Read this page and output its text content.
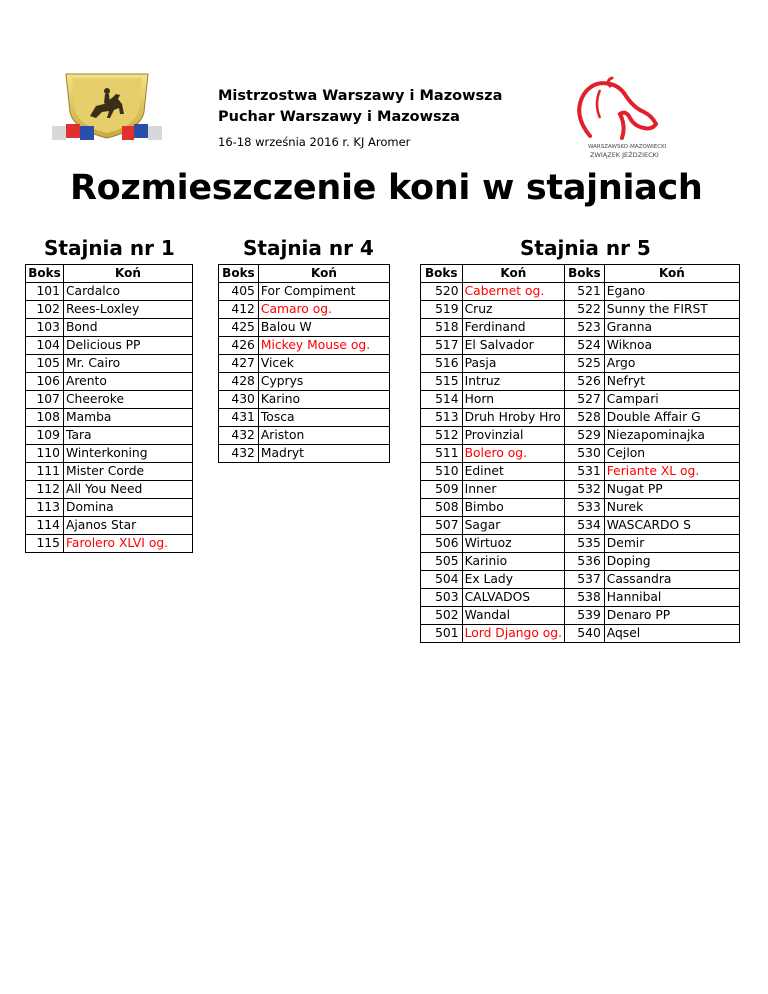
Mistrzostwa Warszawy i Mazowsza
Puchar Warszawy i Mazowsza
16-18 września 2016 r. KJ Aromer	WARSZAWSKO-MAZOWIECKI
ZWIĄZEK JEŹDZIECKI
Rozmieszczenie koni w stajniach
Stajnia nr 1	Stajnia nr 4	Stajnia nr 5
Boks	Koń
101	Cardalco
102	Rees-Loxley
103	Bond
104	Delicious PP
105	Mr. Cairo
106	Arento
107	Cheeroke
108	Mamba
109	Tara
110	Winterkoning
111	Mister Corde
112	All You Need
113	Domina
114	Ajanos Star
115	Farolero XLVI og.
Boks	Koń
405	For Compiment
412	Camaro og.
425	Balou W
426	Mickey Mouse og.
427	Vicek
428	Cyprys
430	Karino
431	Tosca
432	Ariston
432	Madryt
Boks	Koń	Boks	Koń
520	Cabernet og.	521	Egano
519	Cruz	522	Sunny the FIRST
518	Ferdinand	523	Granna
517	El Salvador	524	Wiknoa
516	Pasja	525	Argo
515	Intruz	526	Nefryt
514	Horn	527	Campari
513	Druh Hroby Hro	528	Double Affair G
512	Provinzial	529	Niezapominajka
511	Bolero og.	530	Cejlon
510	Edinet	531	Feriante XL og.
509	Inner	532	Nugat PP
508	Bimbo	533	Nurek
507	Sagar	534	WASCARDO S
506	Wirtuoz	535	Demir
505	Karinio	536	Doping
504	Ex Lady	537	Cassandra
503	CALVADOS	538	Hannibal
502	Wandal	539	Denaro PP
501	Lord Django og.	540	Aqsel
